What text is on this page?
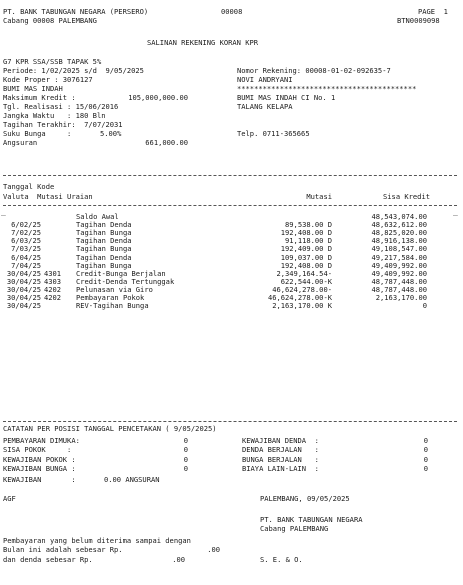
PT. BANK TABUNGAN NEGARA (PERSERO)	00008	PAGE  1
Cabang 00008 PALEMBANG	BTN0009098
SALINAN REKENING KORAN KPR
G7 KPR SSA/SSB TAPAK 5%
Periode: 1/02/2025 s/d  9/05/2025
Kode Proper : 3076127
BUMI MAS INDAH
Maksimum Kredit :	105,000,000.00
Tgl. Realisasi : 15/06/2016
Jangka Waktu   : 180 Bln
Tagihan Terakhir:  7/07/2031
Suku Bunga     :	5.00%
Angsuran	661,000.00
Nomor Rekening: 00008-01-02-092635-7
NOVI ANDRYANI
******************************************
BUMI MAS INDAH CI No. 1
TALANG KELAPA
Telp. 0711-365665
Tanggal Kode
Valuta  Mutasi Uraian	Mutasi	Sisa Kredit
_	_
Saldo Awal	48,543,074.00
6/02/25	Tagihan Denda	89,538.00 D	48,632,612.00
7/02/25	Tagihan Bunga	192,408.00 D	48,825,020.00
6/03/25	Tagihan Denda	91,118.00 D	48,916,138.00
7/03/25	Tagihan Bunga	192,409.00 D	49,108,547.00
6/04/25	Tagihan Denda	109,037.00 D	49,217,584.00
7/04/25	Tagihan Bunga	192,408.00 D	49,409,992.00
30/04/25 4301	Credit-Bunga Berjalan	2,349,164.54-	49,409,992.00
30/04/25 4303	Credit-Denda Tertunggak	622,544.00-K	48,787,448.00
30/04/25 4202	Pelunasan via Giro	46,624,278.00-	48,787,448.00
30/04/25 4202	Pembayaran Pokok	46,624,278.00-K	2,163,170.00
30/04/25	REV-Tagihan Bunga	2,163,170.00 K	0
CATATAN PER POSISI TANGGAL PENCETAKAN ( 9/05/2025)
PEMBAYARAN DIMUKA:	0
SISA POKOK     :	0
KEWAJIBAN POKOK :	0
KEWAJIBAN BUNGA :	0
KEWAJIBAN DENDA  :	0
DENDA BERJALAN   :	0
BUNGA BERJALAN   :	0
BIAYA LAIN-LAIN  :	0
KEWAJIBAN       :	0.00 ANGSURAN
AGF	PALEMBANG, 09/05/2025
PT. BANK TABUNGAN NEGARA
Cabang PALEMBANG
Pembayaran yang belum diterima sampai dengan
Bulan ini adalah sebesar Rp.	.00
dan denda sebesar Rp.	.00	S. E. & O.
